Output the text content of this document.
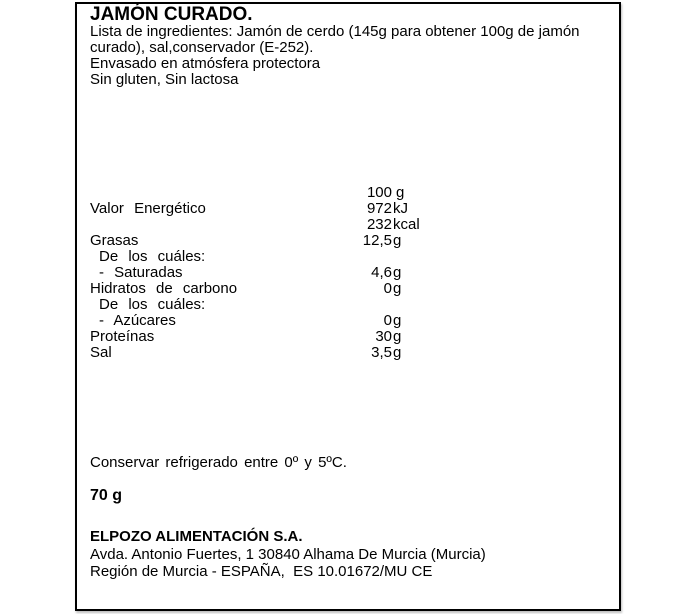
JAMÓN CURADO.

Lista de ingredientes: Jamón de cerdo (145g para obtener 100g de jamón curado), sal,conservador (E-252).

Envasado en atmósfera protectora

Sin gluten, Sin lactosa

100 g
Valor Energético	972kJ
232kcal
Grasas	12,5g
De los cuáles:
- Saturadas	4,6g
Hidratos de carbono	0g
De los cuáles:
- Azúcares	0g
Proteínas	30g
Sal	3,5g

Conservar refrigerado entre 0º y 5ºC.

70 g

ELPOZO ALIMENTACIÓN S.A.

Avda. Antonio Fuertes, 1 30840 Alhama De Murcia (Murcia)

Región de Murcia - ESPAÑA,  ES 10.01672/MU CE
